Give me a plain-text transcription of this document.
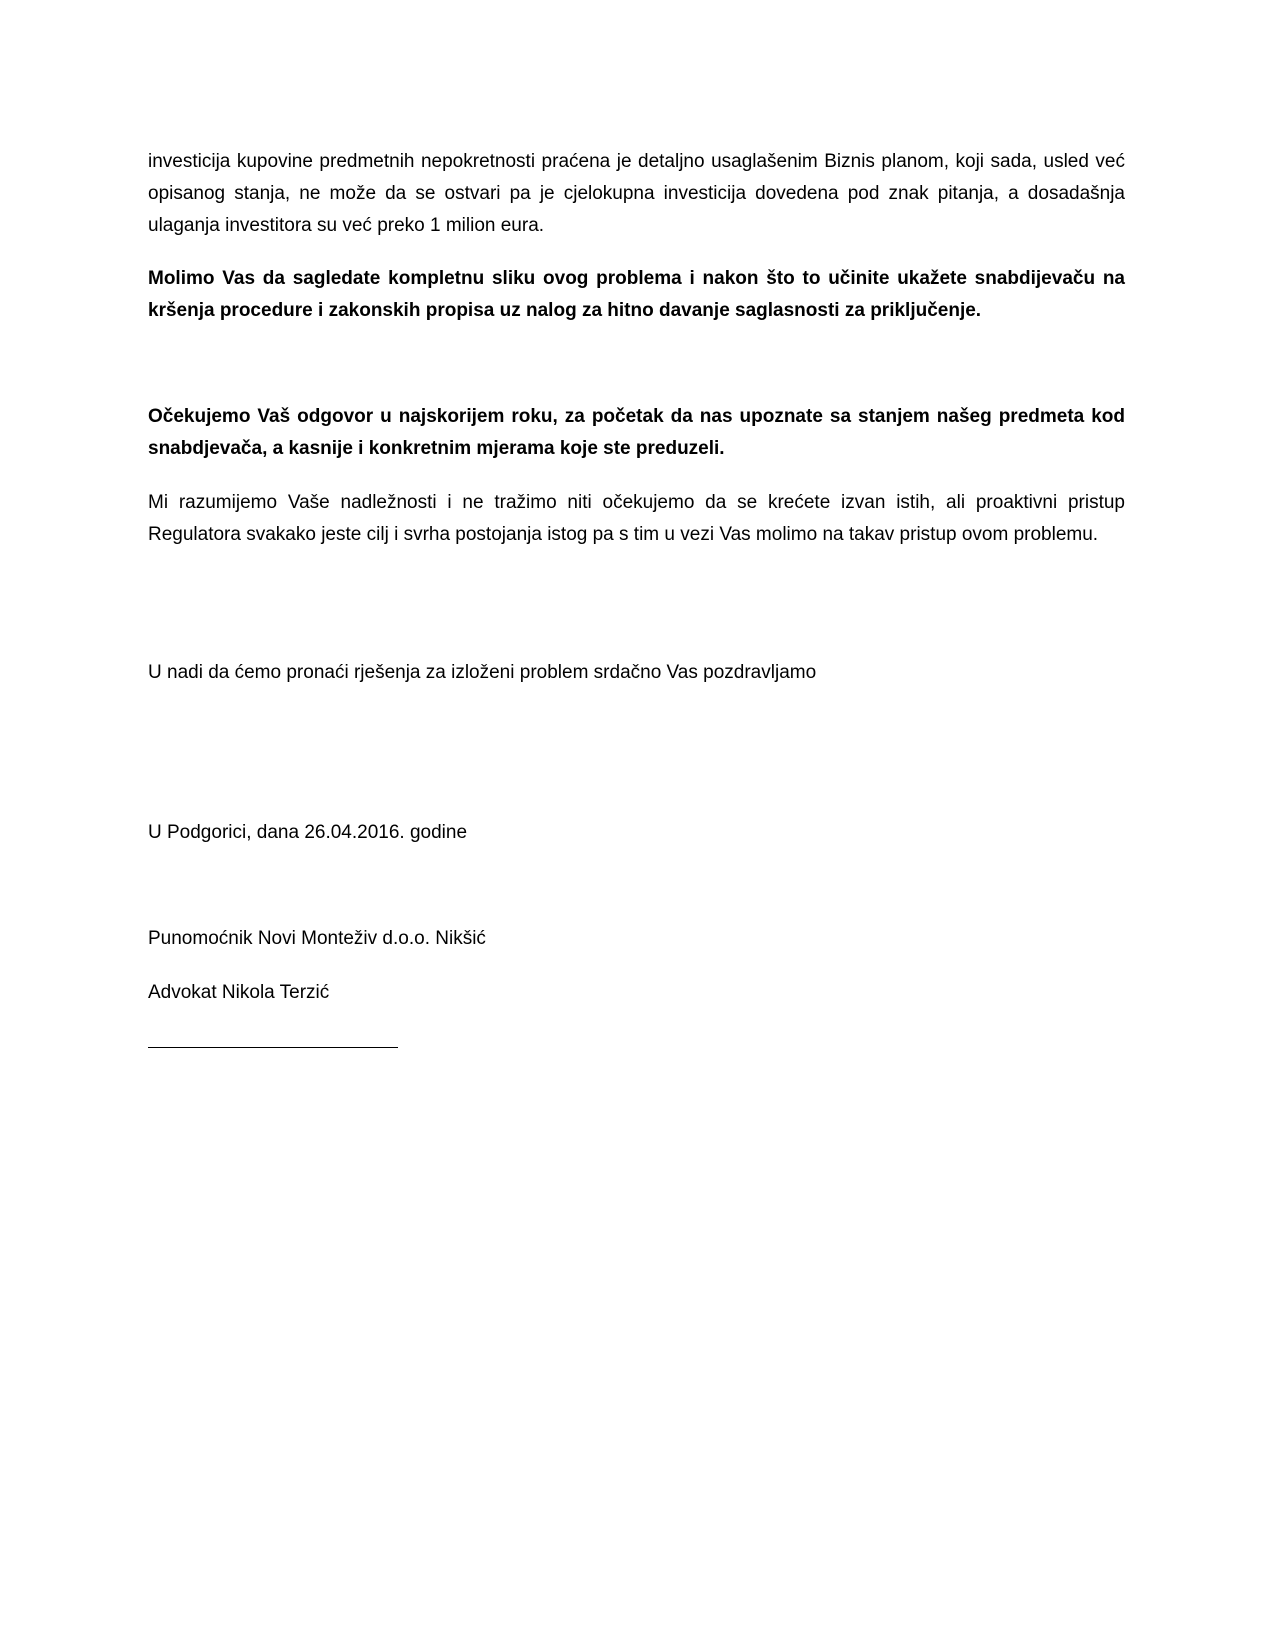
investicija kupovine predmetnih nepokretnosti praćena je detaljno usaglašenim Biznis planom, koji sada, usled već opisanog stanja, ne može da se ostvari pa je cjelokupna investicija dovedena pod znak pitanja, a dosadašnja ulaganja investitora su već preko 1 milion eura.

Molimo Vas da sagledate kompletnu sliku ovog problema i nakon što to učinite ukažete snabdijevaču na kršenja procedure i zakonskih propisa uz nalog za hitno davanje saglasnosti za priključenje.

Očekujemo Vaš odgovor u najskorijem roku, za početak da nas upoznate sa stanjem našeg predmeta kod snabdjevača, a kasnije i konkretnim mjerama koje ste preduzeli.

Mi razumijemo Vaše nadležnosti i ne tražimo niti očekujemo da se krećete izvan istih, ali proaktivni pristup Regulatora svakako jeste cilj i svrha postojanja istog pa s tim u vezi Vas molimo na takav pristup ovom problemu.

U nadi da ćemo pronaći rješenja za izloženi problem srdačno Vas pozdravljamo

U Podgorici, dana 26.04.2016. godine

Punomoćnik Novi Monteživ d.o.o. Nikšić

Advokat Nikola Terzić
